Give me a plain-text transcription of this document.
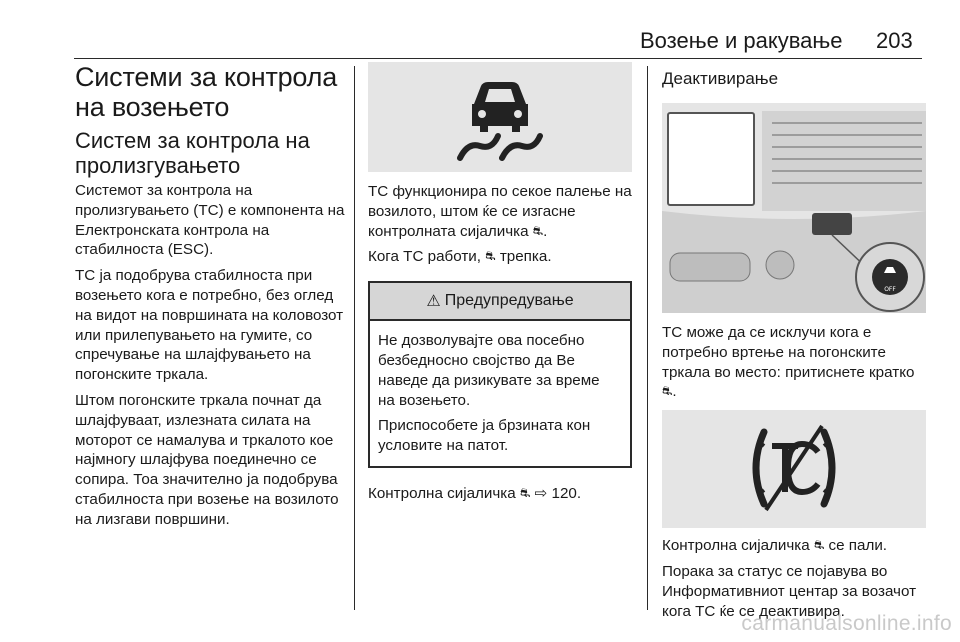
Возење и ракување 203
Системи за контрола на возењето
Систем за контрола на пролизгувањето

Системот за контрола на пролизгувањето (TC) е компонента на Електронската контрола на стабилноста (ESC).

TC ја подобрува стабилноста при возењето кога е потребно, без оглед на видот на површината на коловозот или прилепувањето на гумите, со спречување на шлајфувањето на погонските тркала.

Штом погонските тркала почнат да шлајфуваат, излезната силата на моторот се намалува и тркалото кое најмногу шлајфува поединечно се сопира. Тоа значително ја подобрува стабилноста при возење на возилото на лизгави површини.

TC функционира по секое палење на возилото, штом ќе се изгасне контролната сијаличка ⛐.

Кога TC работи, ⛐ трепка.

⚠ Предупредување

Не дозволувајте ова посебно безбедносно својство да Ве наведе да ризикувате за време на возењето.

Приспособете ја брзината кон условите на патот.

Контролна сијаличка ⛐ ⇨ 120.

Деактивирање
OFF

TC може да се исклучи кога е потребно вртење на погонските тркала во место: притиснете кратко ⛐.

Контролна сијаличка ⛐ се пали.

Порака за статус се појавува во Информативниот центар за возачот кога TC ќе се деактивира.

carmanualsonline.info
